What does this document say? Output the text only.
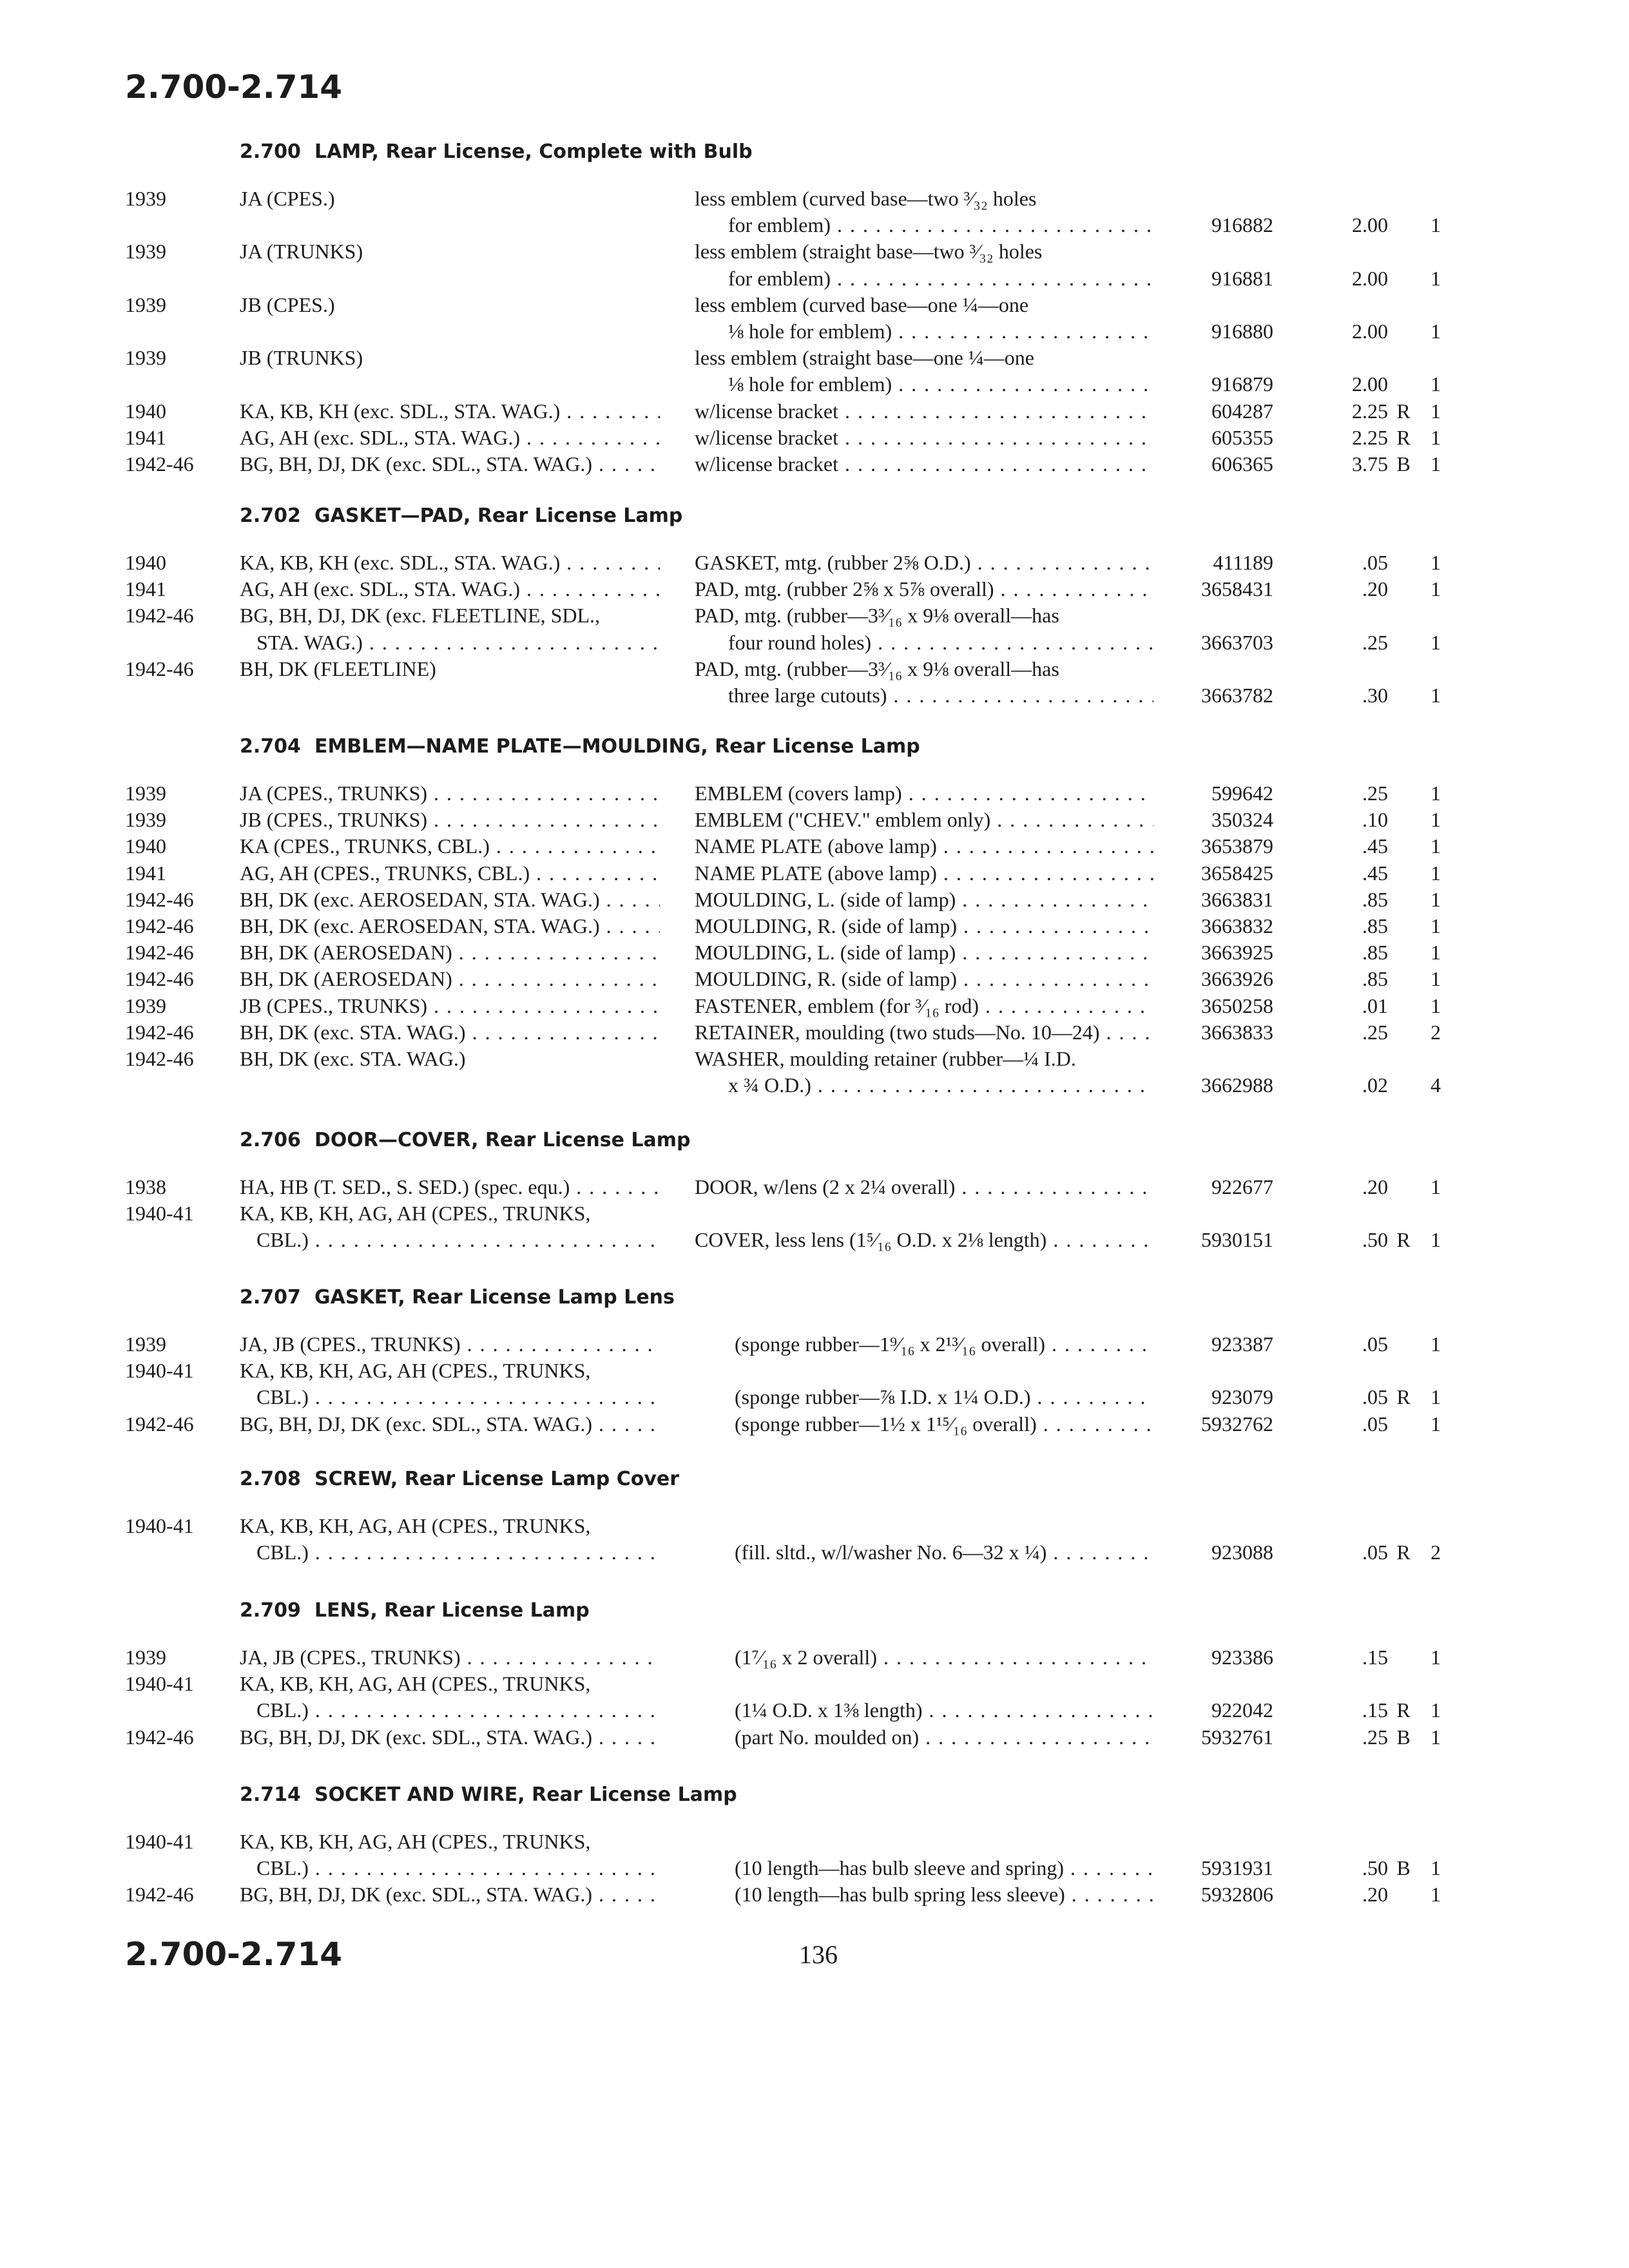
2.700-2.714
2.700 LAMP, Rear License, Complete with Bulb
1939	JA (CPES.)	less emblem (curved base—two ³⁄₃₂ holes
for emblem) . . .	916882	2.00	1
1939	JA (TRUNKS)	less emblem (straight base—two ³⁄₃₂ holes
for emblem) . . .	916881	2.00	1
1939	JB (CPES.)	less emblem (curved base—one ¼—one
⅛ hole for emblem) . . .	916880	2.00	1
1939	JB (TRUNKS)	less emblem (straight base—one ¼—one
⅛ hole for emblem) . . .	916879	2.00	1
1940	KA, KB, KH (exc. SDL., STA. WAG.) . . .	w/license bracket . . .	604287	2.25 R 1
1941	AG, AH (exc. SDL., STA. WAG.) . . .	w/license bracket . . .	605355	2.25 R 1
1942-46 BG, BH, DJ, DK (exc. SDL., STA. WAG.) . . .	w/license bracket . . .	606365	3.75 B 1
2.702 GASKET—PAD, Rear License Lamp
1940	KA, KB, KH (exc. SDL., STA. WAG.) . . .	GASKET, mtg. (rubber 2⅝ O.D.) . . .	411189	.05	1
1941	AG, AH (exc. SDL., STA. WAG.) . . .	PAD, mtg. (rubber 2⅝ x 5⅞ overall) . . .	3658431	.20	1
1942-46 BG, BH, DJ, DK (exc. FLEETLINE, SDL.,	PAD, mtg. (rubber—3³⁄₁₆ x 9⅛ overall—has
STA. WAG.) . . .	four round holes) . . .	3663703	.25	1
1942-46 BH, DK (FLEETLINE)	PAD, mtg. (rubber—3³⁄₁₆ x 9⅛ overall—has
three large cutouts) . . .	3663782	.30	1
2.704 EMBLEM—NAME PLATE—MOULDING, Rear License Lamp
1939	JA (CPES., TRUNKS) . . .	EMBLEM (covers lamp) . . .	599642	.25	1
1939	JB (CPES., TRUNKS) . . .	EMBLEM ("CHEV." emblem only) . . .	350324	.10	1
1940	KA (CPES., TRUNKS, CBL.) . . .	NAME PLATE (above lamp) . . .	3653879	.45	1
1941	AG, AH (CPES., TRUNKS, CBL.) . . .	NAME PLATE (above lamp) . . .	3658425	.45	1
1942-46 BH, DK (exc. AEROSEDAN, STA. WAG.) . . .	MOULDING, L. (side of lamp) . . .	3663831	.85	1
1942-46 BH, DK (exc. AEROSEDAN, STA. WAG.) . . .	MOULDING, R. (side of lamp) . . .	3663832	.85	1
1942-46 BH, DK (AEROSEDAN) . . .	MOULDING, L. (side of lamp) . . .	3663925	.85	1
1942-46 BH, DK (AEROSEDAN) . . .	MOULDING, R. (side of lamp) . . .	3663926	.85	1
1939	JB (CPES., TRUNKS) . . .	FASTENER, emblem (for ³⁄₁₆ rod) . . .	3650258	.01	1
1942-46 BH, DK (exc. STA. WAG.) . . .	RETAINER, moulding (two studs—No. 10—24) . . .	3663833	.25	2
1942-46 BH, DK (exc. STA. WAG.)	WASHER, moulding retainer (rubber—¼ I.D.
x ¾ O.D.) . . .	3662988	.02	4
2.706 DOOR—COVER, Rear License Lamp
1938	HA, HB (T. SED., S. SED.) (spec. equ.) . . .	DOOR, w/lens (2 x 2¼ overall) . . .	922677	.20	1
1940-41 KA, KB, KH, AG, AH (CPES., TRUNKS,
CBL.) . . .	COVER, less lens (1⁵⁄₁₆ O.D. x 2⅛ length) . . .	5930151	.50 R 1
2.707 GASKET, Rear License Lamp Lens
1939	JA, JB (CPES., TRUNKS) . . .	(sponge rubber—1⁹⁄₁₆ x 2¹³⁄₁₆ overall) . . .	923387	.05	1
1940-41 KA, KB, KH, AG, AH (CPES., TRUNKS,
CBL.) . . .	(sponge rubber—⅞ I.D. x 1¼ O.D.) . . .	923079	.05 R 1
1942-46 BG, BH, DJ, DK (exc. SDL., STA. WAG.) . . .	(sponge rubber—1½ x 1¹⁵⁄₁₆ overall) . . .	5932762	.05	1
2.708 SCREW, Rear License Lamp Cover
1940-41 KA, KB, KH, AG, AH (CPES., TRUNKS,
CBL.) . . .	(fill. sltd., w/l/washer No. 6—32 x ¼) . . .	923088	.05 R 2
2.709 LENS, Rear License Lamp
1939	JA, JB (CPES., TRUNKS) . . .	(1⁷⁄₁₆ x 2 overall) . . .	923386	.15	1
1940-41 KA, KB, KH, AG, AH (CPES., TRUNKS,
CBL.) . . .	(1¼ O.D. x 1⅜ length) . . .	922042	.15 R 1
1942-46 BG, BH, DJ, DK (exc. SDL., STA. WAG.) . . .	(part No. moulded on) . . .	5932761	.25 B 1
2.714 SOCKET AND WIRE, Rear License Lamp
1940-41 KA, KB, KH, AG, AH (CPES., TRUNKS,
CBL.) . . .	(10 length—has bulb sleeve and spring) . . .	5931931	.50 B 1
1942-46 BG, BH, DJ, DK (exc. SDL., STA. WAG.) . . .	(10 length—has bulb spring less sleeve) . . .	5932806	.20	1
2.700-2.714	136
